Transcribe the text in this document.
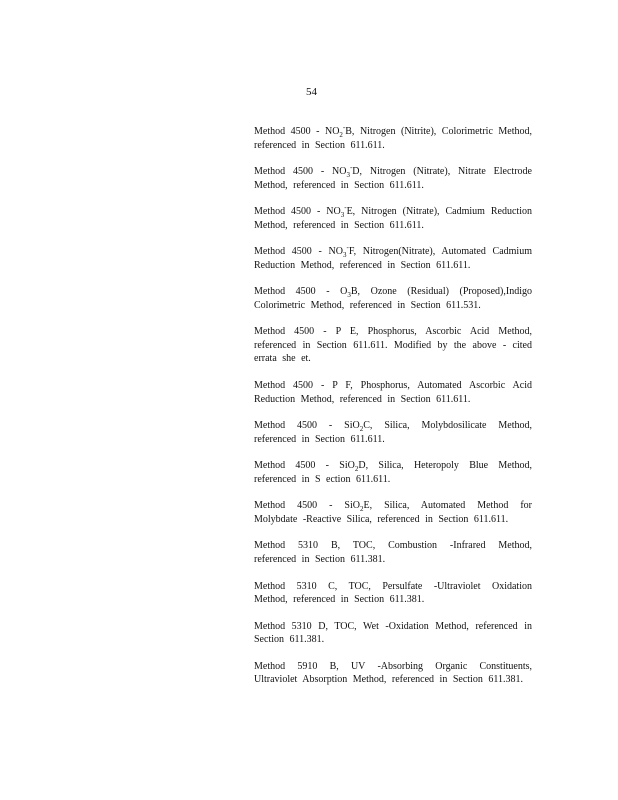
54
Method $4500 - NO_2^-B$, Nitrogen (Nitrite), Colorimetric Method, referenced in Section 611.611.
Method $4500 - NO_3^-D$, Nitrogen (Nitrate), Nitrate Electrode Method, referenced in Section 611.611.
Method $4500 - NO_3^-E$, Nitrogen (Nitrate), Cadmium Reduction Method, referenced in Section 611.611.
Method $4500 - NO_3^-F$, Nitrogen(Nitrate), Automated Cadmium Reduction Method, referenced in Section 611.611.
Method $4500 - O_3B$, Ozone (Residual) (Proposed),Indigo Colorimetric Method, referenced in Section 611.531.
Method 4500 - P E, Phosphorus, Ascorbic Acid Method, referenced in Section 611.611. Modified by the above - cited errata she et.
Method 4500 - P F, Phosphorus, Automated Ascorbic Acid Reduction Method, referenced in Section 611.611.
Method 4500 - SiO$_2$C, Silica, Molybdosilicate Method, referenced in Section 611.611.
Method 4500 - SiO$_2$D, Silica, Heteropoly Blue Method, referenced in S ection 611.611.
Method 4500 - SiO$_2$E, Silica, Automated Method for Molybdate -Reactive Silica, referenced in Section 611.611.
Method 5310 B, TOC, Combustion -Infrared Method, referenced in Section 611.381.
Method 5310 C, TOC, Persulfate -Ultraviolet Oxidation Method, referenced in Section 611.381.
Method 5310 D, TOC, Wet -Oxidation Method, referenced in Section 611.381.
Method 5910 B, UV -Absorbing Organic Constituents, Ultraviolet Absorption Method, referenced in Section 611.381.
